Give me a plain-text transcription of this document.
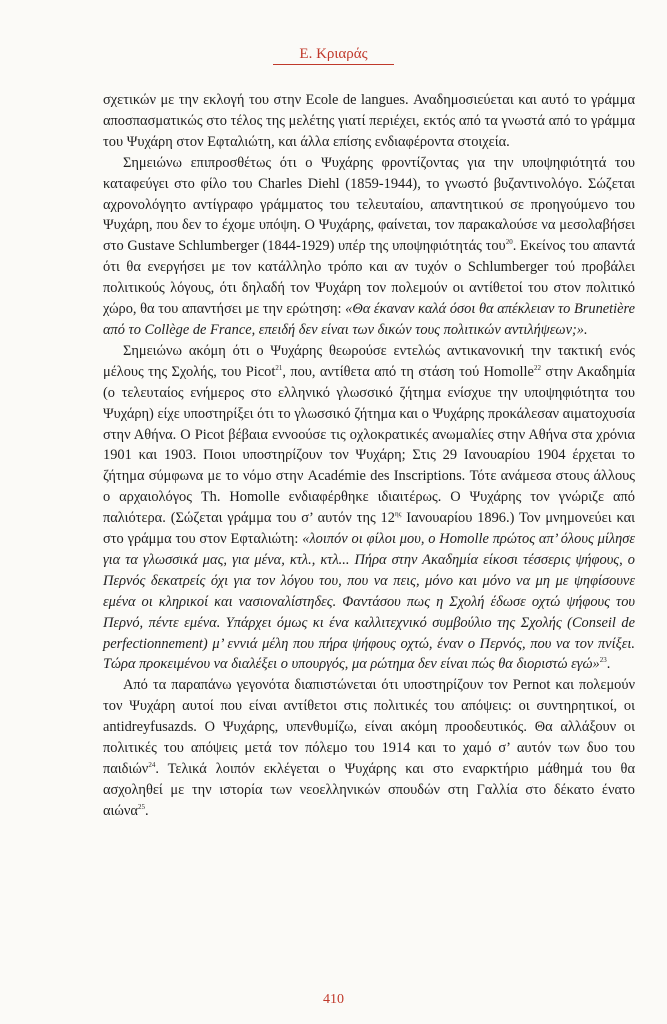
Ε. Κριαράς

σχετικών με την εκλογή του στην Ecole de langues. Αναδημοσιεύεται και αυτό το γράμμα αποσπασματικώς στο τέλος της μελέτης γιατί περιέχει, εκτός από τα γνωστά από το γράμμα του Ψυχάρη στον Εφταλιώτη, και άλλα επίσης ενδιαφέροντα στοιχεία.

Σημειώνω επιπροσθέτως ότι ο Ψυχάρης φροντίζοντας για την υποψηφιότητά του καταφεύγει στο φίλο του Charles Diehl (1859-1944), το γνωστό βυζαντινολόγο. Σώζεται αχρονολόγητο αντίγραφο γράμματος του τελευταίου, απαντητικού σε προηγούμενο του Ψυχάρη, που δεν το έχομε υπόψη. Ο Ψυχάρης, φαίνεται, τον παρακαλούσε να μεσολαβήσει στο Gustave Schlumberger (1844-1929) υπέρ της υποψηφιότητάς του$^{20}$. Εκείνος του απαντά ότι θα ενεργήσει με τον κατάλληλο τρόπο και αν τυχόν ο Schlumberger τού προβάλει πολιτικούς λόγους, ότι δηλαδή τον Ψυχάρη τον πολεμούν οι αντίθετοί του στον πολιτικό χώρο, θα του απαντήσει με την ερώτηση: «Θα έκαναν καλά όσοι θα απέκλειαν το Brunetière από το Collège de France, επειδή δεν είναι των δικών τους πολιτικών αντιλήψεων;».

Σημειώνω ακόμη ότι ο Ψυχάρης θεωρούσε εντελώς αντικανονική την τακτική ενός μέλους της Σχολής, του Picot$^{21}$, που, αντίθετα από τη στάση τού Homolle$^{22}$ στην Ακαδημία (ο τελευταίος ενήμερος στο ελληνικό γλωσσικό ζήτημα ενίσχυε την υποψηφιότητα του Ψυχάρη) είχε υποστηρίξει ότι το γλωσσικό ζήτημα και ο Ψυχάρης προκάλεσαν αιματοχυσία στην Αθήνα. Ο Picot βέβαια εννοούσε τις οχλοκρατικές ανωμαλίες στην Αθήνα στα χρόνια 1901 και 1903. Ποιοι υποστηρίζουν τον Ψυχάρη; Στις 29 Ιανουαρίου 1904 έρχεται το ζήτημα σύμφωνα με το νόμο στην Académie des Inscriptions. Τότε ανάμεσα στους άλλους ο αρχαιολόγος Th. Homolle ενδιαφέρθηκε ιδιαιτέρως. Ο Ψυχάρης τον γνώριζε από παλιότερα. (Σώζεται γράμμα του σ’ αυτόν της $12^{\eta\varsigma}$ Ιανουαρίου 1896.) Τον μνημονεύει και στο γράμμα του στον Εφταλιώτη: «λοιπόν οι φίλοι μου, ο Homolle πρώτος απ’ όλους μίλησε για τα γλωσσικά μας, για μένα, κτλ., κτλ... Πήρα στην Ακαδημία είκοσι τέσσερις ψήφους, ο Περνός δεκατρείς όχι για τον λόγου του, που να πεις, μόνο και μόνο να μη με ψηφίσουνε εμένα οι κληρικοί και νασιοναλίστηδες. Φαντάσου πως η Σχολή έδωσε οχτώ ψήφους του Περνό, πέντε εμένα. Υπάρχει όμως κι ένα καλλιτεχνικό συμβούλιο της Σχολής (Conseil de perfectionnement) μ’ εννιά μέλη που πήρα ψήφους οχτώ, έναν ο Περνός, που να τον πνίξει. Τώρα προκειμένου να διαλέξει ο υπουργός, μα ρώτημα δεν είναι πώς θα διοριστώ εγώ»$^{23}$.

Από τα παραπάνω γεγονότα διαπιστώνεται ότι υποστηρίζουν τον Pernot και πολεμούν τον Ψυχάρη αυτοί που είναι αντίθετοι στις πολιτικές του απόψεις: οι συντηρητικοί, οι antidreyfusazds. Ο Ψυχάρης, υπενθυμίζω, είναι ακόμη προοδευτικός. Θα αλλάξουν οι πολιτικές του απόψεις μετά τον πόλεμο του 1914 και το χαμό σ’ αυτόν των δυο του παιδιών$^{24}$. Τελικά λοιπόν εκλέγεται ο Ψυχάρης και στο εναρκτήριο μάθημά του θα ασχοληθεί με την ιστορία των νεοελληνικών σπουδών στη Γαλλία στο δέκατο ένατο αιώνα$^{25}$.

410
